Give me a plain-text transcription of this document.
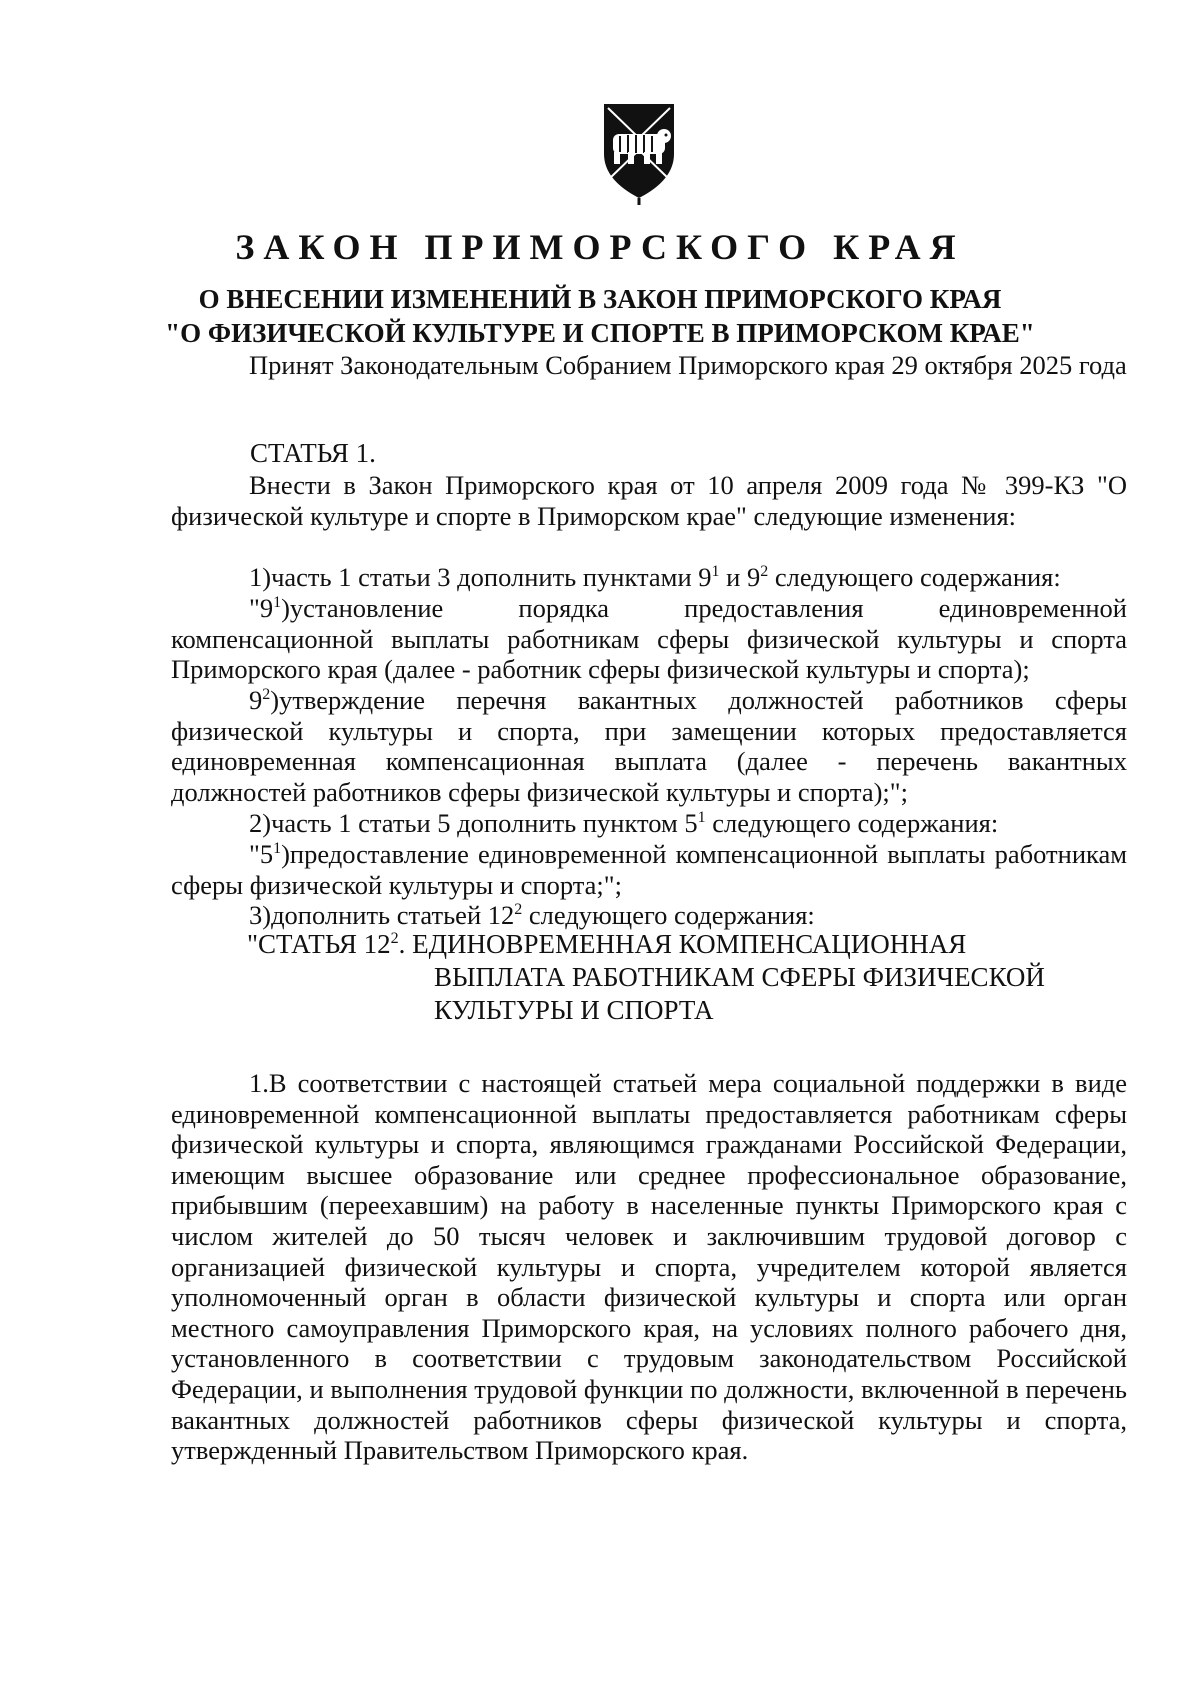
ЗАКОН ПРИМОРСКОГО КРАЯ
О ВНЕСЕНИИ ИЗМЕНЕНИЙ В ЗАКОН ПРИМОРСКОГО КРАЯ
"О ФИЗИЧЕСКОЙ КУЛЬТУРЕ И СПОРТЕ В ПРИМОРСКОМ КРАЕ"

Принят Законодательным Собранием Приморского края 29 октября 2025 года

СТАТЬЯ 1.

Внести в Закон Приморского края от 10 апреля 2009 года № 399-КЗ "О физической культуре и спорте в Приморском крае" следующие изменения:

1)часть 1 статьи 3 дополнить пунктами $9^1$ и $9^2$ следующего содержания:

"$9^1)установление$ порядка предоставления единовременной компенсационной выплаты работникам сферы физической культуры и спорта Приморского края (далее - работник сферы физической культуры и спорта);

$9^2)утверждение$ перечня вакантных должностей работников сферы физической культуры и спорта, при замещении которых предоставляется единовременная компенсационная выплата (далее - перечень вакантных должностей работников сферы физической культуры и спорта);";

2)часть 1 статьи 5 дополнить пунктом $5^1$ следующего содержания:

"$5^1)предоставление$ единовременной компенсационной выплаты работникам сферы физической культуры и спорта;";

3)дополнить статьей $12^2$ следующего содержания:

"СТАТЬЯ $12^2$. ЕДИНОВРЕМЕННАЯ КОМПЕНСАЦИОННАЯ
ВЫПЛАТА РАБОТНИКАМ СФЕРЫ ФИЗИЧЕСКОЙ
КУЛЬТУРЫ И СПОРТА

1.В соответствии с настоящей статьей мера социальной поддержки в виде единовременной компенсационной выплаты предоставляется работникам сферы физической культуры и спорта, являющимся гражданами Российской Федерации, имеющим высшее образование или среднее профессиональное образование, прибывшим (переехавшим) на работу в населенные пункты Приморского края с числом жителей до 50 тысяч человек и заключившим трудовой договор с организацией физической культуры и спорта, учредителем которой является уполномоченный орган в области физической культуры и спорта или орган местного самоуправления Приморского края, на условиях полного рабочего дня, установленного в соответствии с трудовым законодательством Российской Федерации, и выполнения трудовой функции по должности, включенной в перечень вакантных должностей работников сферы физической культуры и спорта, утвержденный Правительством Приморского края.
